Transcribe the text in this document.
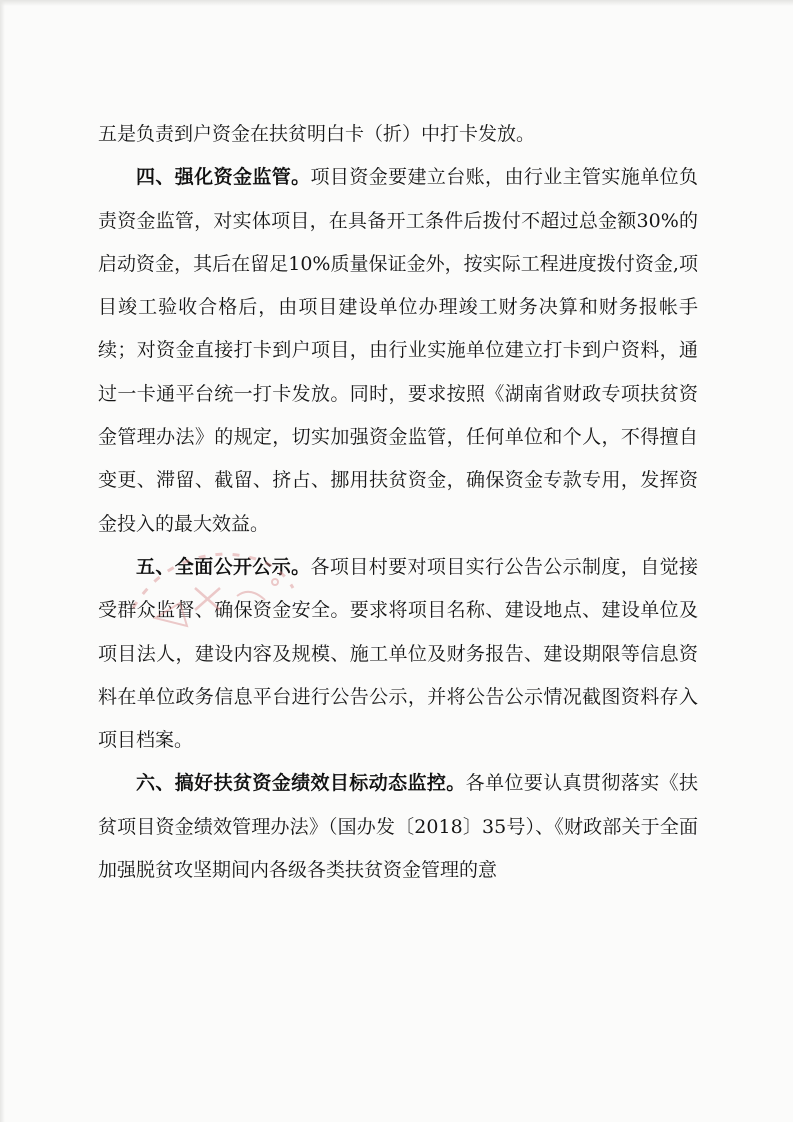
五是负责到户资金在扶贫明白卡（折）中打卡发放。

四、强化资金监管。项目资金要建立台账，由行业主管实施单位负责资金监管，对实体项目，在具备开工条件后拨付不超过总金额30%的启动资金，其后在留足10%质量保证金外，按实际工程进度拨付资金,项目竣工验收合格后，由项目建设单位办理竣工财务决算和财务报帐手续；对资金直接打卡到户项目，由行业实施单位建立打卡到户资料，通过一卡通平台统一打卡发放。同时，要求按照《湖南省财政专项扶贫资金管理办法》的规定，切实加强资金监管，任何单位和个人，不得擅自变更、滞留、截留、挤占、挪用扶贫资金，确保资金专款专用，发挥资金投入的最大效益。

五、全面公开公示。各项目村要对项目实行公告公示制度，自觉接受群众监督、确保资金安全。要求将项目名称、建设地点、建设单位及项目法人，建设内容及规模、施工单位及财务报告、建设期限等信息资料在单位政务信息平台进行公告公示，并将公告公示情况截图资料存入项目档案。

六、搞好扶贫资金绩效目标动态监控。各单位要认真贯彻落实《扶贫项目资金绩效管理办法》（国办发〔2018〕35号）、《财政部关于全面加强脱贫攻坚期间内各级各类扶贫资金管理的意
